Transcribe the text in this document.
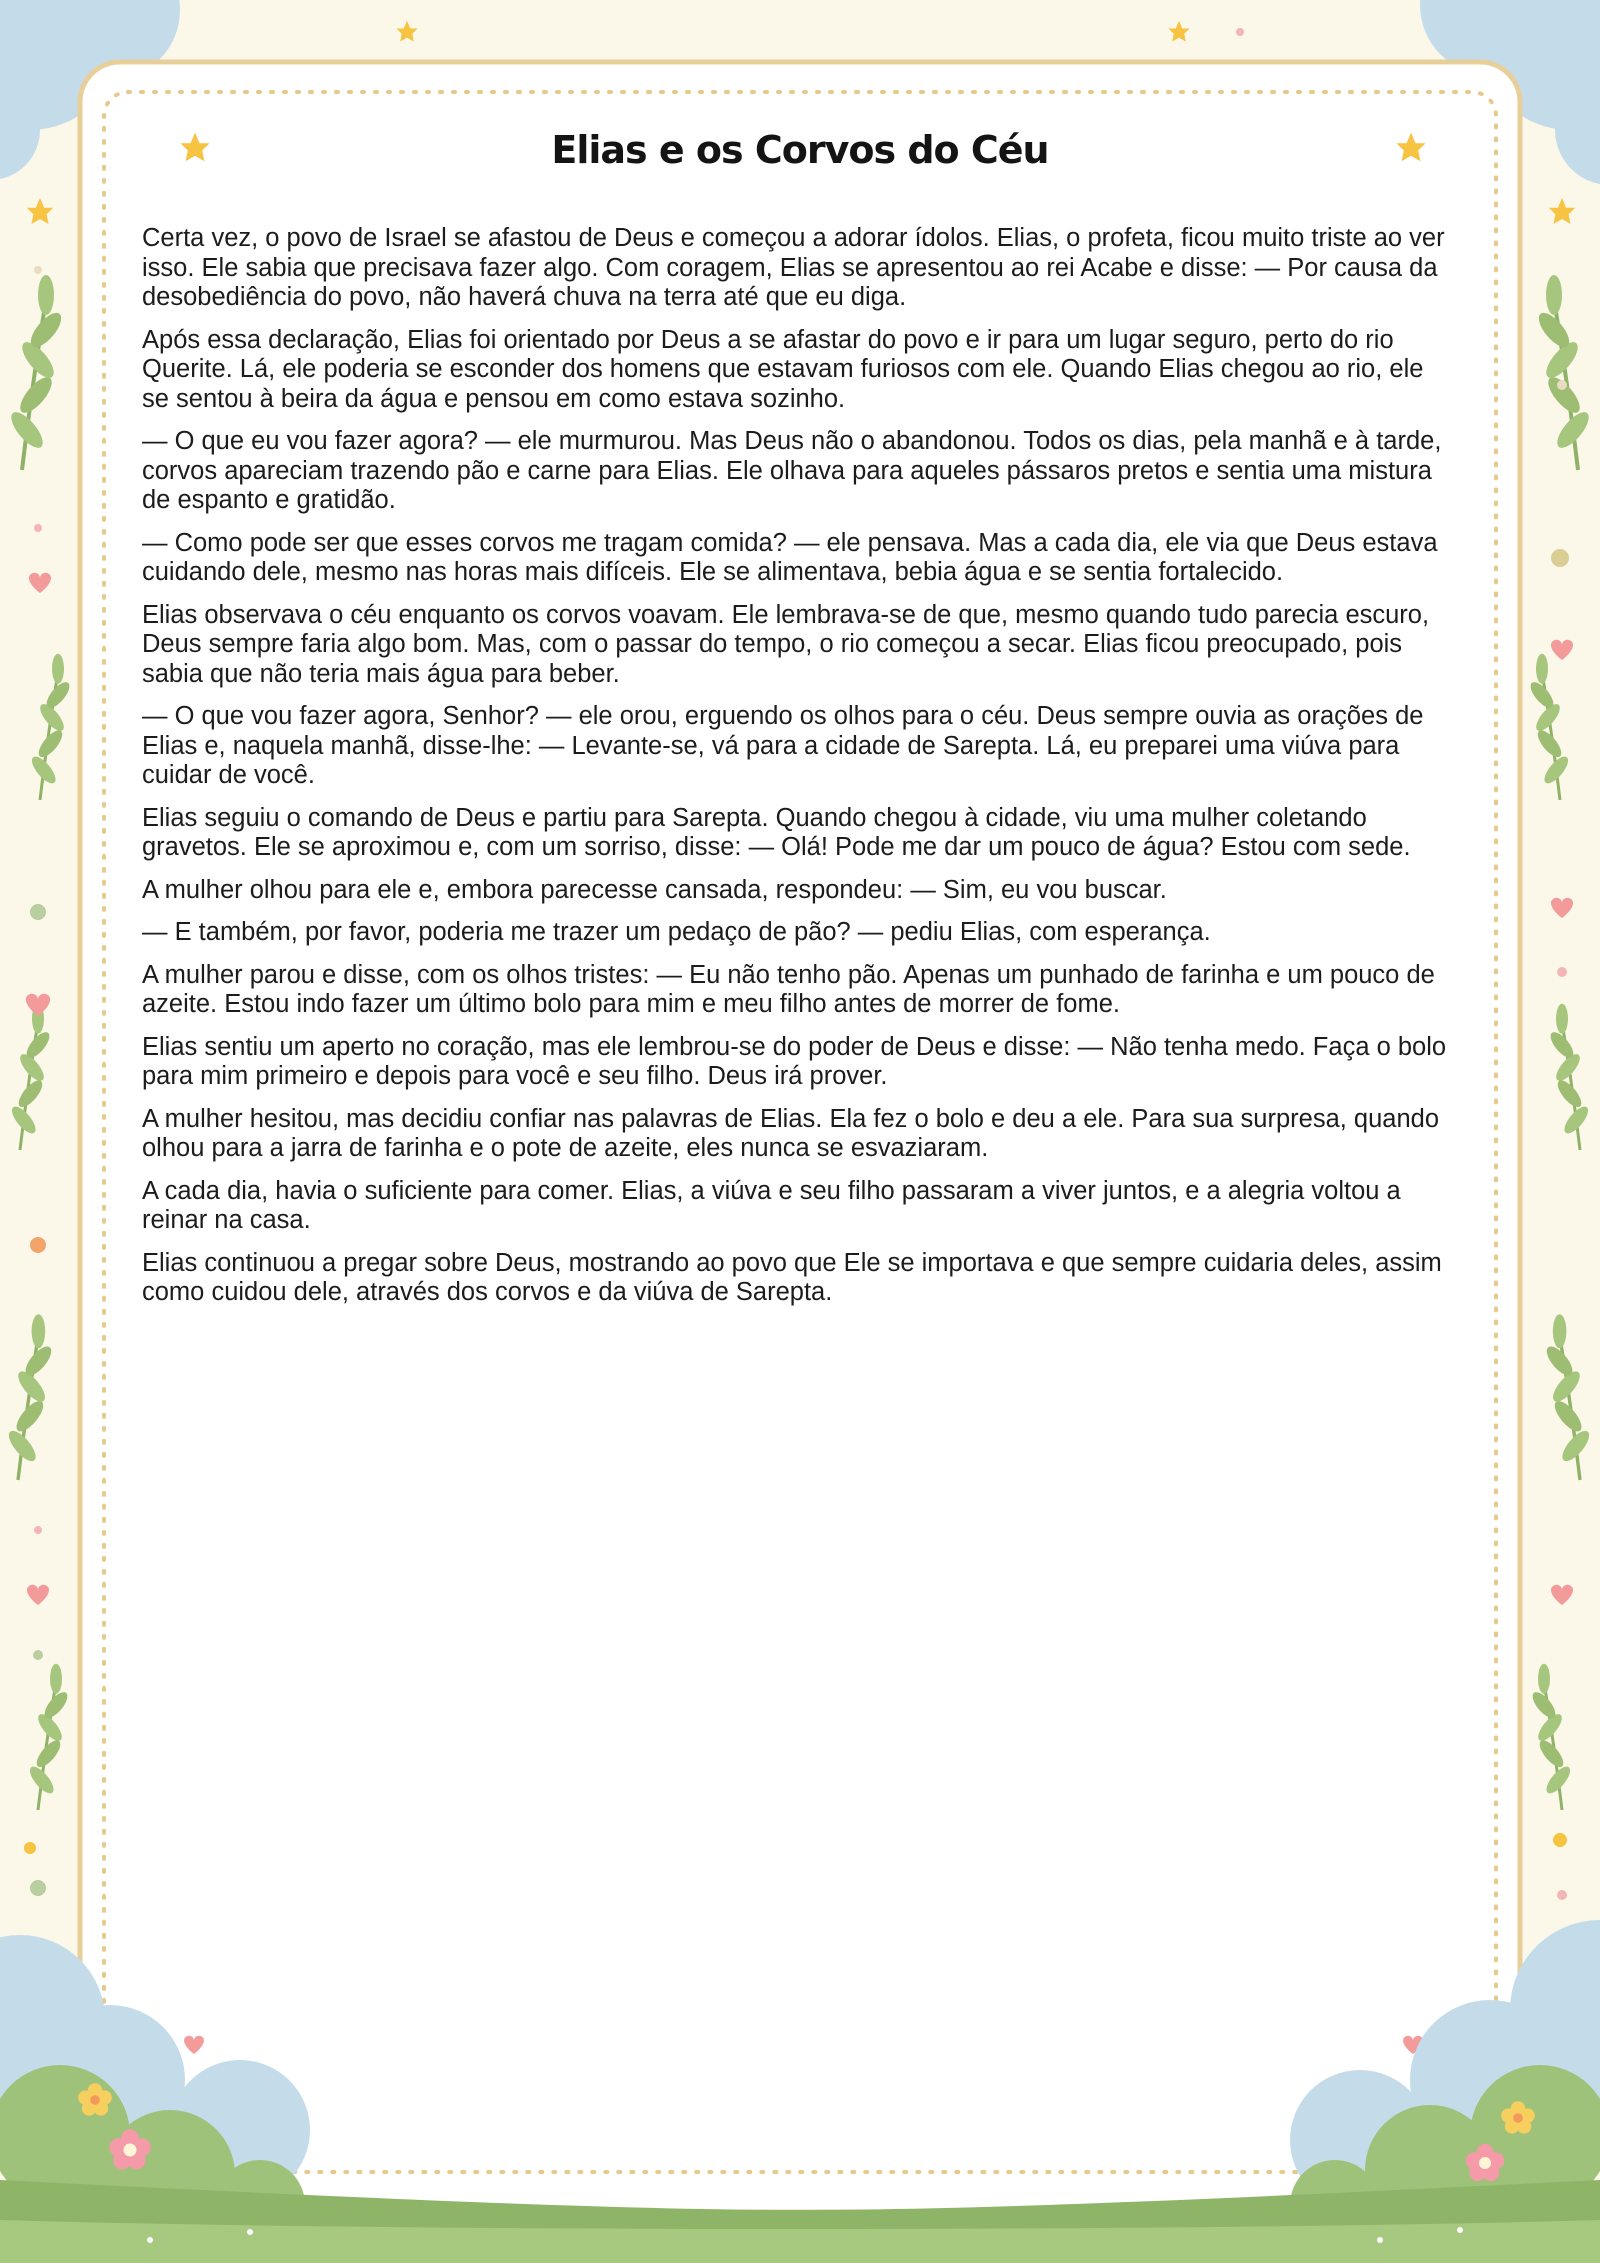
Elias e os Corvos do Céu

Certa vez, o povo de Israel se afastou de Deus e começou a adorar ídolos. Elias, o profeta, ficou muito triste ao ver isso. Ele sabia que precisava fazer algo. Com coragem, Elias se apresentou ao rei Acabe e disse: — Por causa da desobediência do povo, não haverá chuva na terra até que eu diga.

Após essa declaração, Elias foi orientado por Deus a se afastar do povo e ir para um lugar seguro, perto do rio Querite. Lá, ele poderia se esconder dos homens que estavam furiosos com ele. Quando Elias chegou ao rio, ele se sentou à beira da água e pensou em como estava sozinho.

— O que eu vou fazer agora? — ele murmurou. Mas Deus não o abandonou. Todos os dias, pela manhã e à tarde, corvos apareciam trazendo pão e carne para Elias. Ele olhava para aqueles pássaros pretos e sentia uma mistura de espanto e gratidão.

— Como pode ser que esses corvos me tragam comida? — ele pensava. Mas a cada dia, ele via que Deus estava cuidando dele, mesmo nas horas mais difíceis. Ele se alimentava, bebia água e se sentia fortalecido.

Elias observava o céu enquanto os corvos voavam. Ele lembrava-se de que, mesmo quando tudo parecia escuro, Deus sempre faria algo bom. Mas, com o passar do tempo, o rio começou a secar. Elias ficou preocupado, pois sabia que não teria mais água para beber.

— O que vou fazer agora, Senhor? — ele orou, erguendo os olhos para o céu. Deus sempre ouvia as orações de Elias e, naquela manhã, disse-lhe: — Levante-se, vá para a cidade de Sarepta. Lá, eu preparei uma viúva para cuidar de você.

Elias seguiu o comando de Deus e partiu para Sarepta. Quando chegou à cidade, viu uma mulher coletando gravetos. Ele se aproximou e, com um sorriso, disse: — Olá! Pode me dar um pouco de água? Estou com sede.

A mulher olhou para ele e, embora parecesse cansada, respondeu: — Sim, eu vou buscar.

— E também, por favor, poderia me trazer um pedaço de pão? — pediu Elias, com esperança.

A mulher parou e disse, com os olhos tristes: — Eu não tenho pão. Apenas um punhado de farinha e um pouco de azeite. Estou indo fazer um último bolo para mim e meu filho antes de morrer de fome.

Elias sentiu um aperto no coração, mas ele lembrou-se do poder de Deus e disse: — Não tenha medo. Faça o bolo para mim primeiro e depois para você e seu filho. Deus irá prover.

A mulher hesitou, mas decidiu confiar nas palavras de Elias. Ela fez o bolo e deu a ele. Para sua surpresa, quando olhou para a jarra de farinha e o pote de azeite, eles nunca se esvaziaram.

A cada dia, havia o suficiente para comer. Elias, a viúva e seu filho passaram a viver juntos, e a alegria voltou a reinar na casa.

Elias continuou a pregar sobre Deus, mostrando ao povo que Ele se importava e que sempre cuidaria deles, assim como cuidou dele, através dos corvos e da viúva de Sarepta.
